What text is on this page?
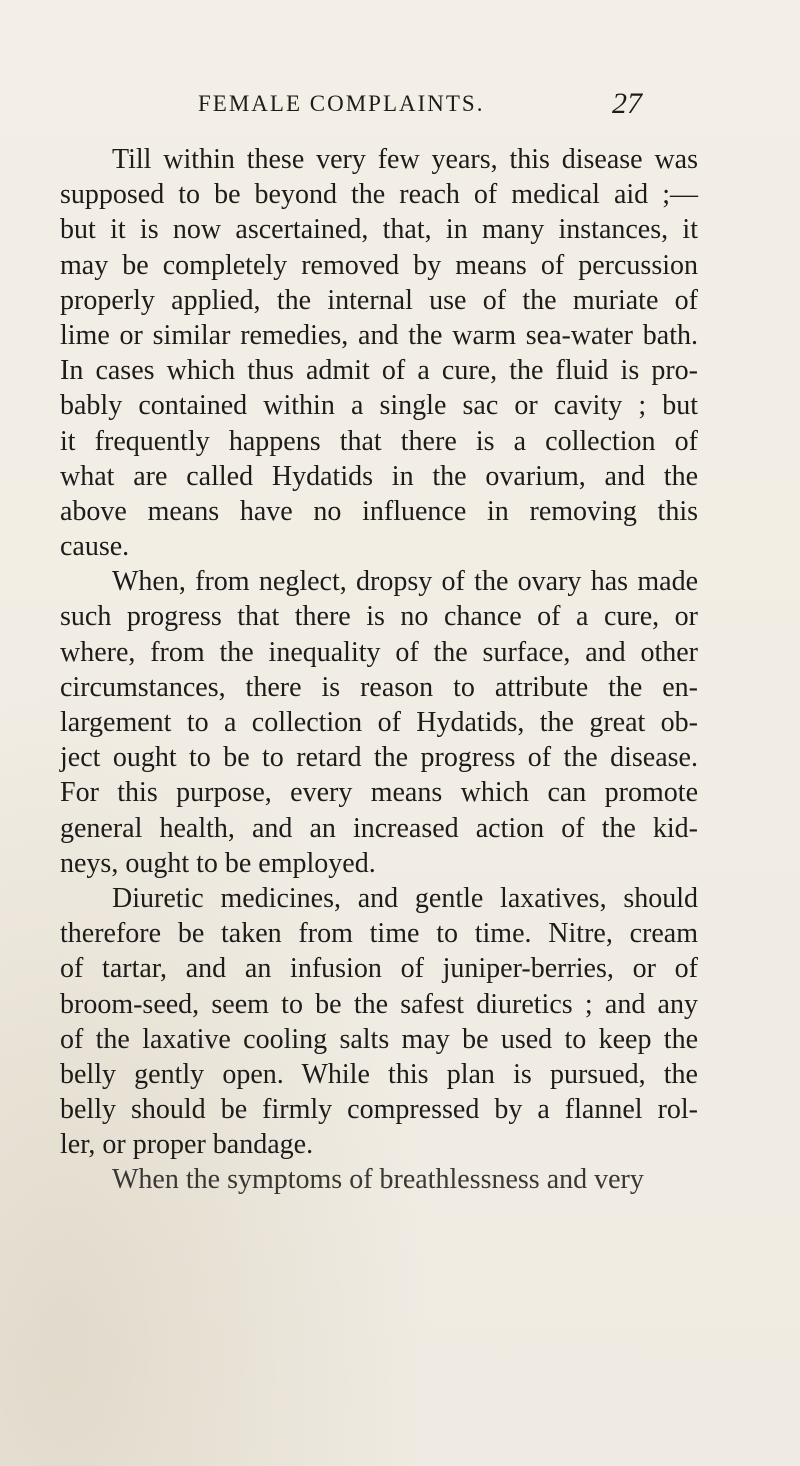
FEMALE COMPLAINTS.	27
Till within these very few years, this disease was
supposed to be beyond the reach of medical aid ;—
but it is now ascertained, that, in many instances, it
may be completely removed by means of percussion
properly applied, the internal use of the muriate of
lime or similar remedies, and the warm sea-water bath.
In cases which thus admit of a cure, the fluid is pro-
bably contained within a single sac or cavity ; but
it frequently happens that there is a collection of
what are called Hydatids in the ovarium, and the
above means have no influence in removing this
cause.
When, from neglect, dropsy of the ovary has made
such progress that there is no chance of a cure, or
where, from the inequality of the surface, and other
circumstances, there is reason to attribute the en-
largement to a collection of Hydatids, the great ob-
ject ought to be to retard the progress of the disease.
For this purpose, every means which can promote
general health, and an increased action of the kid-
neys, ought to be employed.
Diuretic medicines, and gentle laxatives, should
therefore be taken from time to time. Nitre, cream
of tartar, and an infusion of juniper-berries, or of
broom-seed, seem to be the safest diuretics ; and any
of the laxative cooling salts may be used to keep the
belly gently open. While this plan is pursued, the
belly should be firmly compressed by a flannel rol-
ler, or proper bandage.
When the symptoms of breathlessness and very
